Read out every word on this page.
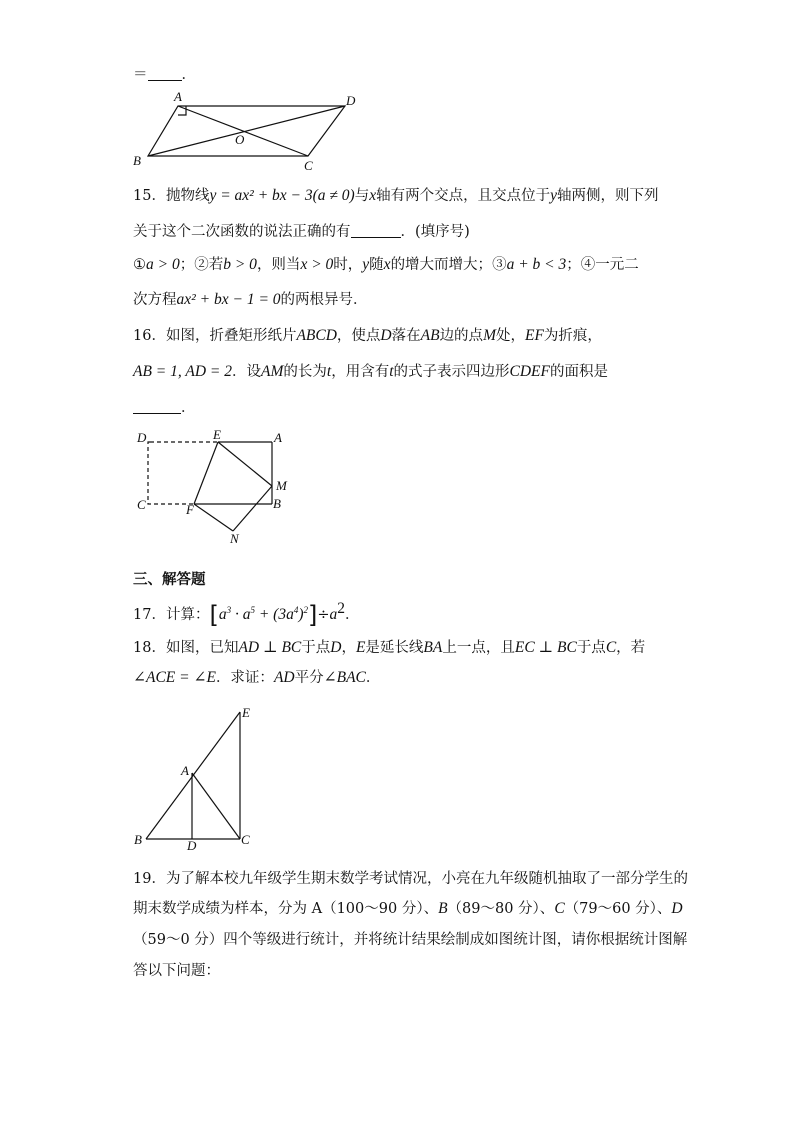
＝ ．
A	D
O
B	C
15．抛物线y = ax² + bx − 3(a ≠ 0)与x轴有两个交点，且交点位于y轴两侧，则下列
关于这个二次函数的说法正确的有	．(填序号)
①a > 0；②若b > 0，则当x > 0时，y随x的增大而增大；③a + b < 3；④一元二
次方程ax² + bx − 1 = 0的两根异号．
16．如图，折叠矩形纸片ABCD，使点D落在AB边的点M处，EF为折痕，
AB = 1, AD = 2．设AM的长为t，用含有t的式子表示四边形CDEF的面积是
．
D	E	A
M
C	F	B
N
三、解答题
17．计算：$[a^3 \cdot a^5 + (3a^4)^2]\div a^2$．
18．如图，已知AD ⊥ BC于点D，E是延长线BA上一点，且EC ⊥ BC于点C，若
∠ACE = ∠E．求证：AD平分∠BAC．
E
A
B	D	C
19．为了解本校九年级学生期末数学考试情况，小亮在九年级随机抽取了一部分学生的
期末数学成绩为样本，分为 A（100～90 分）、B（89～80 分）、C（79～60 分）、D
（59～0 分）四个等级进行统计，并将统计结果绘制成如图统计图，请你根据统计图解
答以下问题：
